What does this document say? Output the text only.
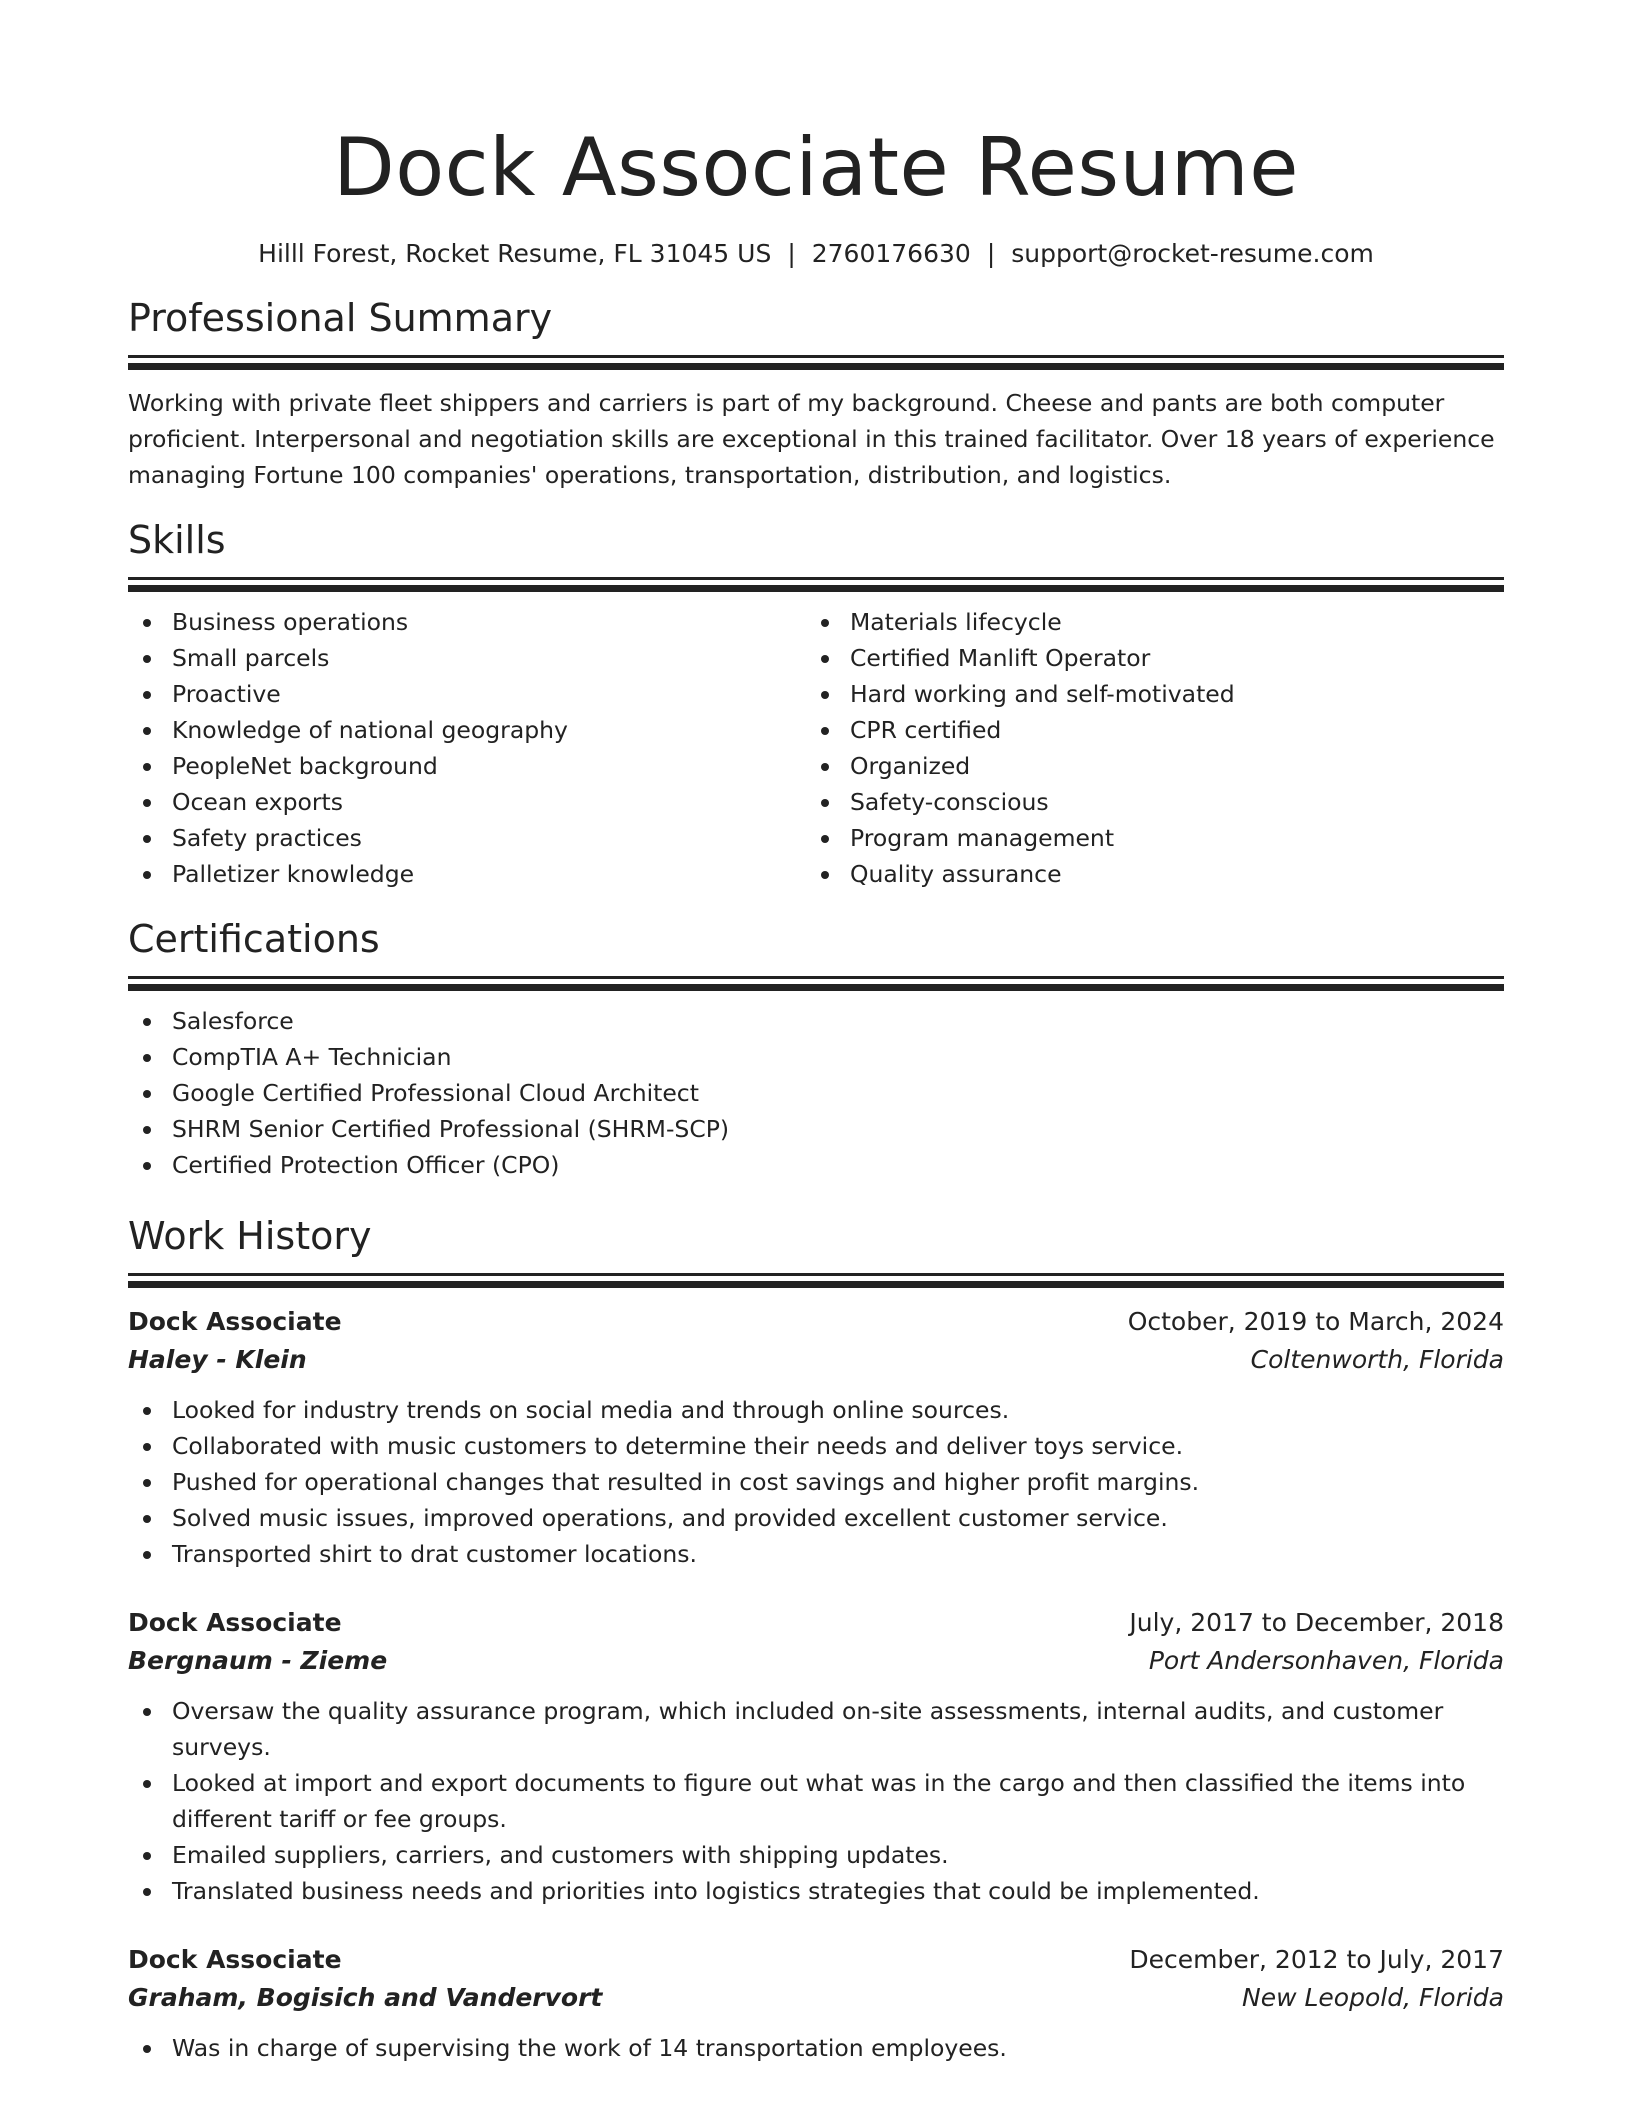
Dock Associate Resume
Hilll Forest, Rocket Resume, FL 31045 US | 2760176630 | support@rocket-resume.com
Professional Summary

Working with private fleet shippers and carriers is part of my background. Cheese and pants are both computer proficient. Interpersonal and negotiation skills are exceptional in this trained facilitator. Over 18 years of experience managing Fortune 100 companies' operations, transportation, distribution, and logistics.

Skills
Business operations
Small parcels
Proactive
Knowledge of national geography
PeopleNet background
Ocean exports
Safety practices
Palletizer knowledge
Materials lifecycle
Certified Manlift Operator
Hard working and self-motivated
CPR certified
Organized
Safety-conscious
Program management
Quality assurance
Certifications
Salesforce
CompTIA A+ Technician
Google Certified Professional Cloud Architect
SHRM Senior Certified Professional (SHRM-SCP)
Certified Protection Officer (CPO)
Work History
Dock Associate	October, 2019 to March, 2024
Haley - Klein	Coltenworth, Florida
Looked for industry trends on social media and through online sources.
Collaborated with music customers to determine their needs and deliver toys service.
Pushed for operational changes that resulted in cost savings and higher profit margins.
Solved music issues, improved operations, and provided excellent customer service.
Transported shirt to drat customer locations.
Dock Associate	July, 2017 to December, 2018
Bergnaum - Zieme	Port Andersonhaven, Florida
Oversaw the quality assurance program, which included on-site assessments, internal audits, and customer surveys.
Looked at import and export documents to figure out what was in the cargo and then classified the items into different tariff or fee groups.
Emailed suppliers, carriers, and customers with shipping updates.
Translated business needs and priorities into logistics strategies that could be implemented.
Dock Associate	December, 2012 to July, 2017
Graham, Bogisich and Vandervort	New Leopold, Florida
Was in charge of supervising the work of 14 transportation employees.
